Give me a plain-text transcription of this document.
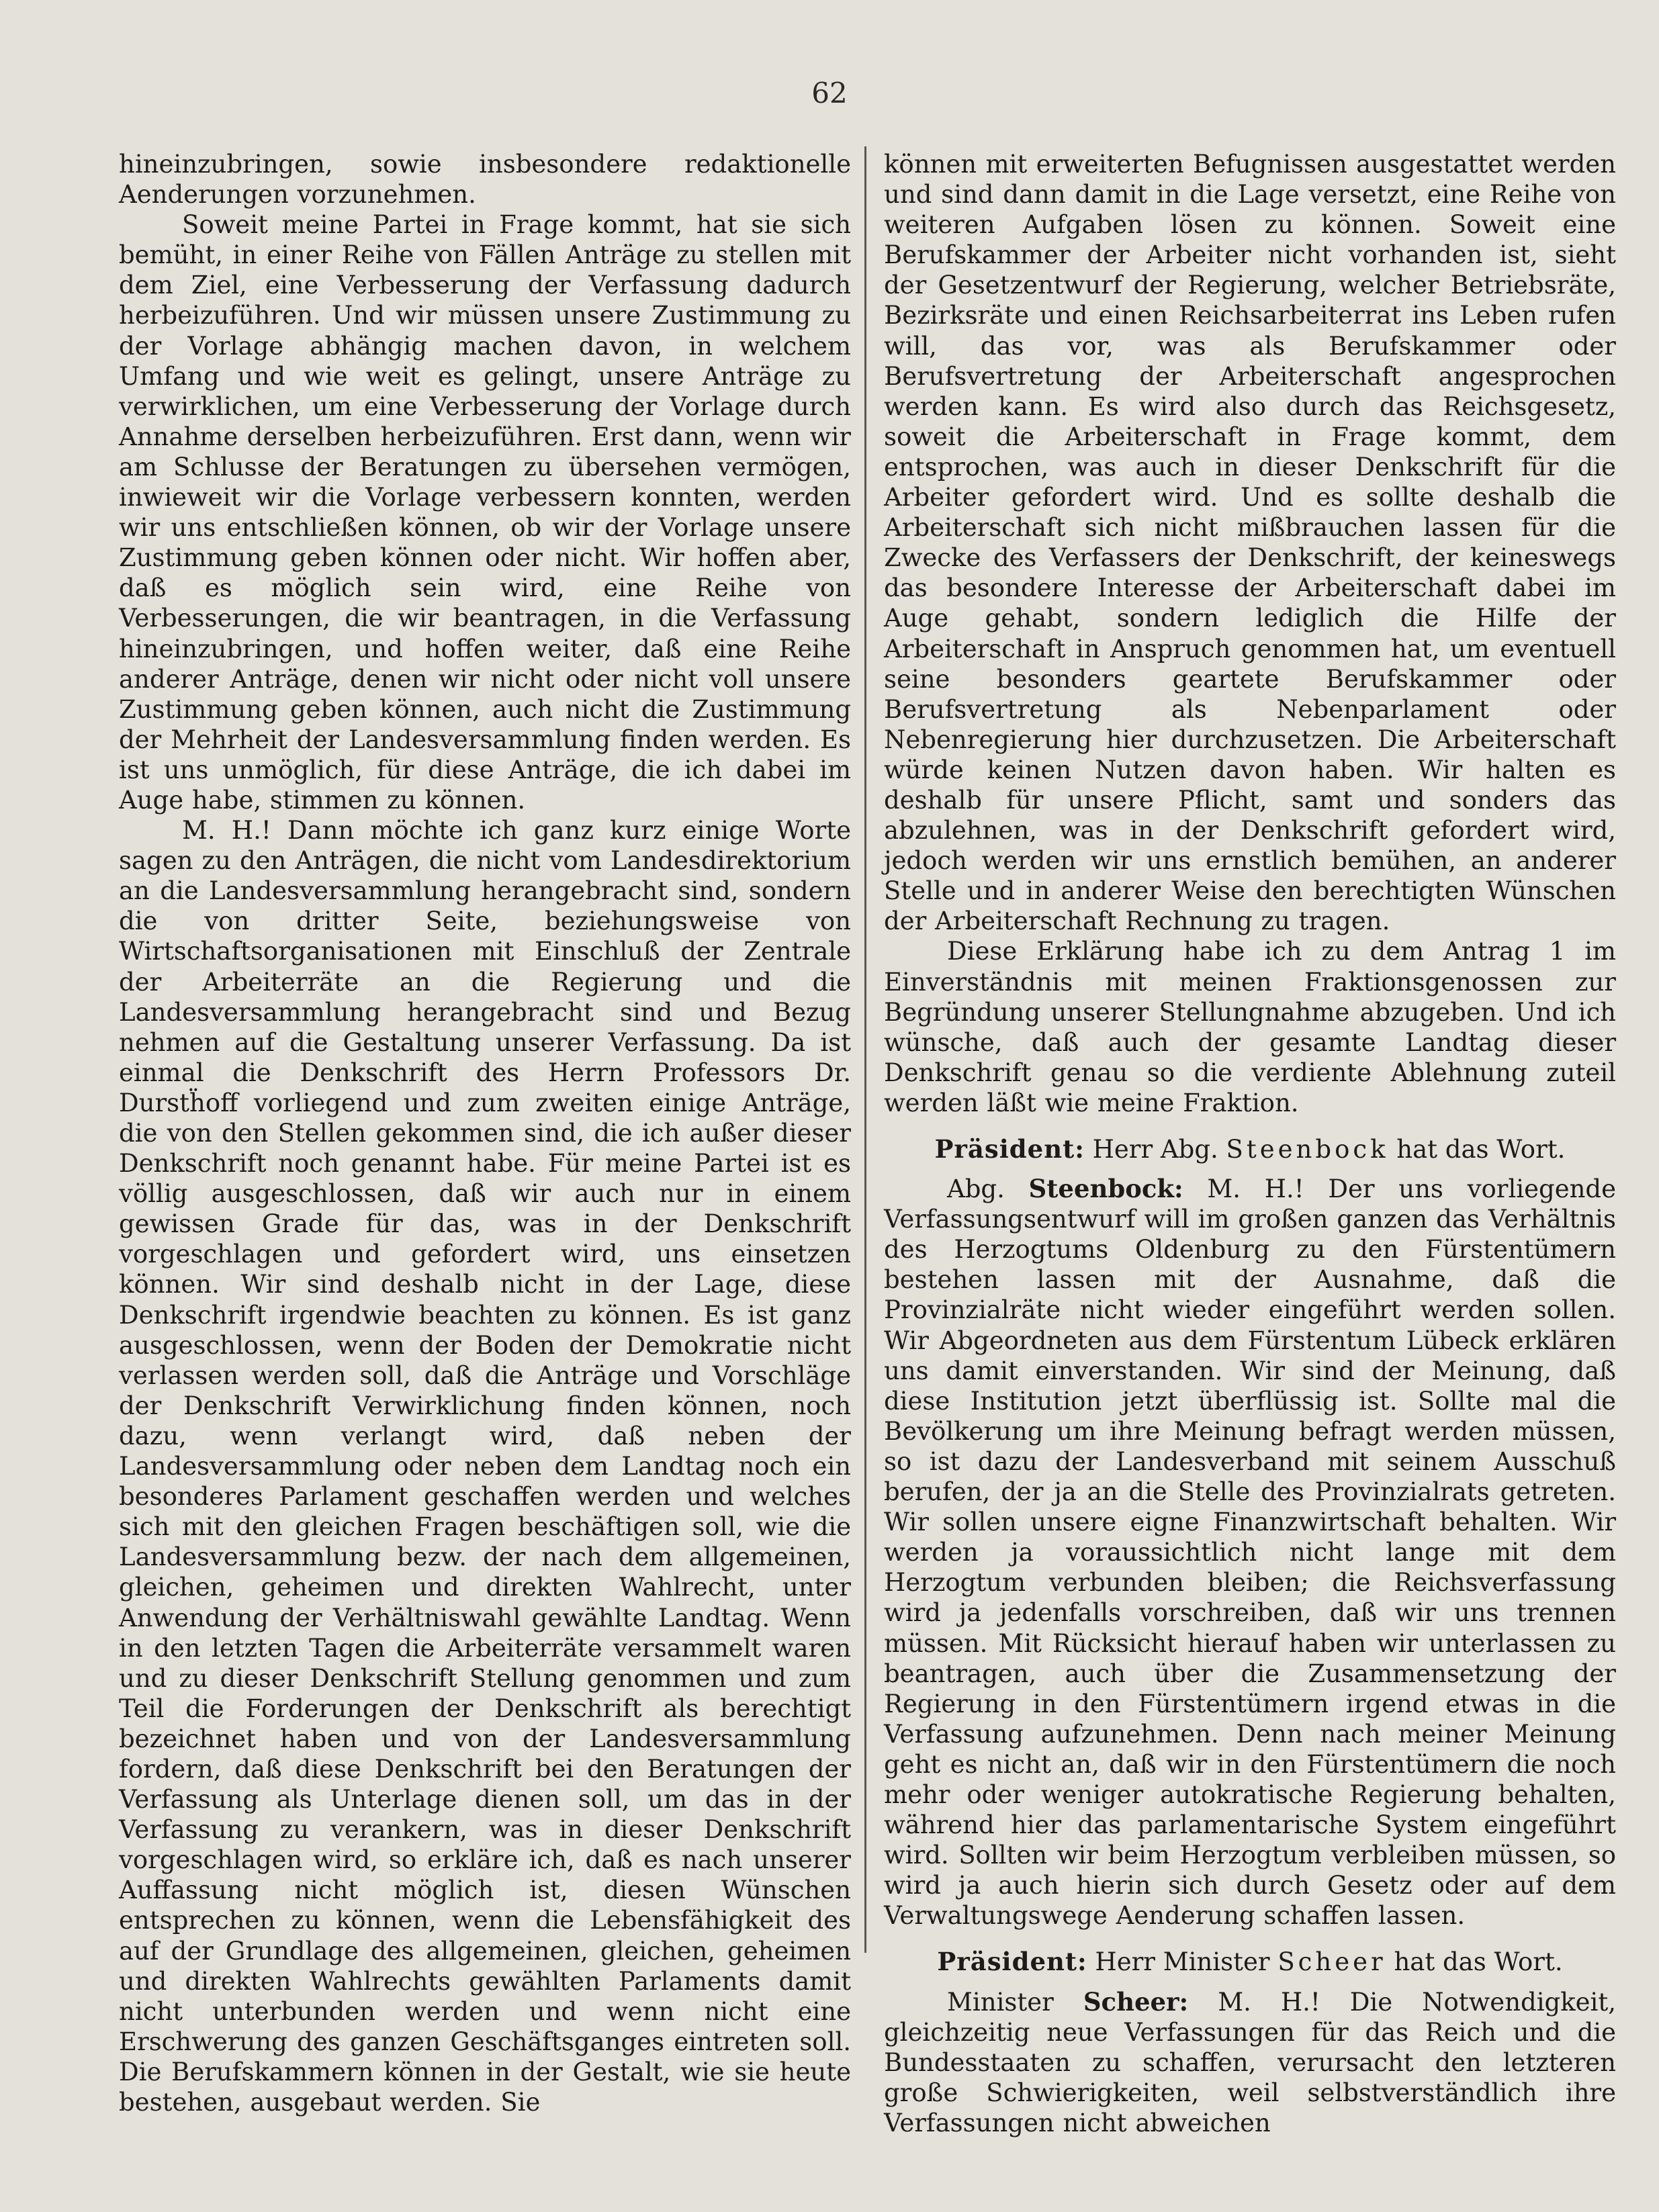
62

hineinzubringen, sowie insbesondere redaktionelle Aenderungen vorzunehmen.

Soweit meine Partei in Frage kommt, hat sie sich bemüht, in einer Reihe von Fällen Anträge zu stellen mit dem Ziel, eine Verbesserung der Verfassung dadurch herbeizuführen. Und wir müssen unsere Zustimmung zu der Vorlage abhängig machen davon, in welchem Umfang und wie weit es gelingt, unsere Anträge zu verwirklichen, um eine Verbesserung der Vorlage durch Annahme derselben herbeizuführen. Erst dann, wenn wir am Schlusse der Beratungen zu übersehen vermögen, inwieweit wir die Vorlage verbessern konnten, werden wir uns entschließen können, ob wir der Vorlage unsere Zustimmung geben können oder nicht. Wir hoffen aber, daß es möglich sein wird, eine Reihe von Verbesserungen, die wir beantragen, in die Verfassung hineinzubringen, und hoffen weiter, daß eine Reihe anderer Anträge, denen wir nicht oder nicht voll unsere Zustimmung geben können, auch nicht die Zustimmung der Mehrheit der Landesversammlung finden werden. Es ist uns unmöglich, für diese Anträge, die ich dabei im Auge habe, stimmen zu können.

M. H.! Dann möchte ich ganz kurz einige Worte sagen zu den Anträgen, die nicht vom Landesdirektorium an die Landesversammlung herangebracht sind, sondern die von dritter Seite, beziehungsweise von Wirtschaftsorganisationen mit Einschluß der Zentrale der Arbeiterräte an die Regierung und die Landesversammlung herangebracht sind und Bezug nehmen auf die Gestaltung unserer Verfassung. Da ist einmal die Denkschrift des Herrn Professors Dr. Durstḧoff vorliegend und zum zweiten einige Anträge, die von den Stellen gekommen sind, die ich außer dieser Denkschrift noch genannt habe. Für meine Partei ist es völlig ausgeschlossen, daß wir auch nur in einem gewissen Grade für das, was in der Denkschrift vorgeschlagen und gefordert wird, uns einsetzen können. Wir sind deshalb nicht in der Lage, diese Denkschrift irgendwie beachten zu können. Es ist ganz ausgeschlossen, wenn der Boden der Demokratie nicht verlassen werden soll, daß die Anträge und Vorschläge der Denkschrift Verwirklichung finden können, noch dazu, wenn verlangt wird, daß neben der Landesversammlung oder neben dem Landtag noch ein besonderes Parlament geschaffen werden und welches sich mit den gleichen Fragen beschäftigen soll, wie die Landesversammlung bezw. der nach dem allgemeinen, gleichen, geheimen und direkten Wahlrecht, unter Anwendung der Verhältniswahl gewählte Landtag. Wenn in den letzten Tagen die Arbeiterräte versammelt waren und zu dieser Denkschrift Stellung genommen und zum Teil die Forderungen der Denkschrift als berechtigt bezeichnet haben und von der Landesversammlung fordern, daß diese Denkschrift bei den Beratungen der Verfassung als Unterlage dienen soll, um das in der Verfassung zu verankern, was in dieser Denkschrift vorgeschlagen wird, so erkläre ich, daß es nach unserer Auffassung nicht möglich ist, diesen Wünschen entsprechen zu können, wenn die Lebensfähigkeit des auf der Grundlage des allgemeinen, gleichen, geheimen und direkten Wahlrechts gewählten Parlaments damit nicht unterbunden werden und wenn nicht eine Erschwerung des ganzen Geschäftsganges eintreten soll. Die Berufskammern können in der Gestalt, wie sie heute bestehen, ausgebaut werden. Sie

können mit erweiterten Befugnissen ausgestattet werden und sind dann damit in die Lage versetzt, eine Reihe von weiteren Aufgaben lösen zu können. Soweit eine Berufskammer der Arbeiter nicht vorhanden ist, sieht der Gesetzentwurf der Regierung, welcher Betriebsräte, Bezirksräte und einen Reichsarbeiterrat ins Leben rufen will, das vor, was als Berufskammer oder Berufsvertretung der Arbeiterschaft angesprochen werden kann. Es wird also durch das Reichsgesetz, soweit die Arbeiterschaft in Frage kommt, dem entsprochen, was auch in dieser Denkschrift für die Arbeiter gefordert wird. Und es sollte deshalb die Arbeiterschaft sich nicht mißbrauchen lassen für die Zwecke des Verfassers der Denkschrift, der keineswegs das besondere Interesse der Arbeiterschaft dabei im Auge gehabt, sondern lediglich die Hilfe der Arbeiterschaft in Anspruch genommen hat, um eventuell seine besonders geartete Berufskammer oder Berufsvertretung als Nebenparlament oder Nebenregierung hier durchzusetzen. Die Arbeiterschaft würde keinen Nutzen davon haben. Wir halten es deshalb für unsere Pflicht, samt und sonders das abzulehnen, was in der Denkschrift gefordert wird, jedoch werden wir uns ernstlich bemühen, an anderer Stelle und in anderer Weise den berechtigten Wünschen der Arbeiterschaft Rechnung zu tragen.

Diese Erklärung habe ich zu dem Antrag 1 im Einverständnis mit meinen Fraktionsgenossen zur Begründung unserer Stellungnahme abzugeben. Und ich wünsche, daß auch der gesamte Landtag dieser Denkschrift genau so die verdiente Ablehnung zuteil werden läßt wie meine Fraktion.

Präsident: Herr Abg. Steenbock hat das Wort.

Abg. Steenbock: M. H.! Der uns vorliegende Verfassungsentwurf will im großen ganzen das Verhältnis des Herzogtums Oldenburg zu den Fürstentümern bestehen lassen mit der Ausnahme, daß die Provinzialräte nicht wieder eingeführt werden sollen. Wir Abgeordneten aus dem Fürstentum Lübeck erklären uns damit einverstanden. Wir sind der Meinung, daß diese Institution jetzt überflüssig ist. Sollte mal die Bevölkerung um ihre Meinung befragt werden müssen, so ist dazu der Landesverband mit seinem Ausschuß berufen, der ja an die Stelle des Provinzialrats getreten. Wir sollen unsere eigne Finanzwirtschaft behalten. Wir werden ja voraussichtlich nicht lange mit dem Herzogtum verbunden bleiben; die Reichsverfassung wird ja jedenfalls vorschreiben, daß wir uns trennen müssen. Mit Rücksicht hierauf haben wir unterlassen zu beantragen, auch über die Zusammensetzung der Regierung in den Fürstentümern irgend etwas in die Verfassung aufzunehmen. Denn nach meiner Meinung geht es nicht an, daß wir in den Fürstentümern die noch mehr oder weniger autokratische Regierung behalten, während hier das parlamentarische System eingeführt wird. Sollten wir beim Herzogtum verbleiben müssen, so wird ja auch hierin sich durch Gesetz oder auf dem Verwaltungswege Aenderung schaffen lassen.

Präsident: Herr Minister Scheer hat das Wort.

Minister Scheer: M. H.! Die Notwendigkeit, gleichzeitig neue Verfassungen für das Reich und die Bundesstaaten zu schaffen, verursacht den letzteren große Schwierigkeiten, weil selbstverständlich ihre Verfassungen nicht abweichen
